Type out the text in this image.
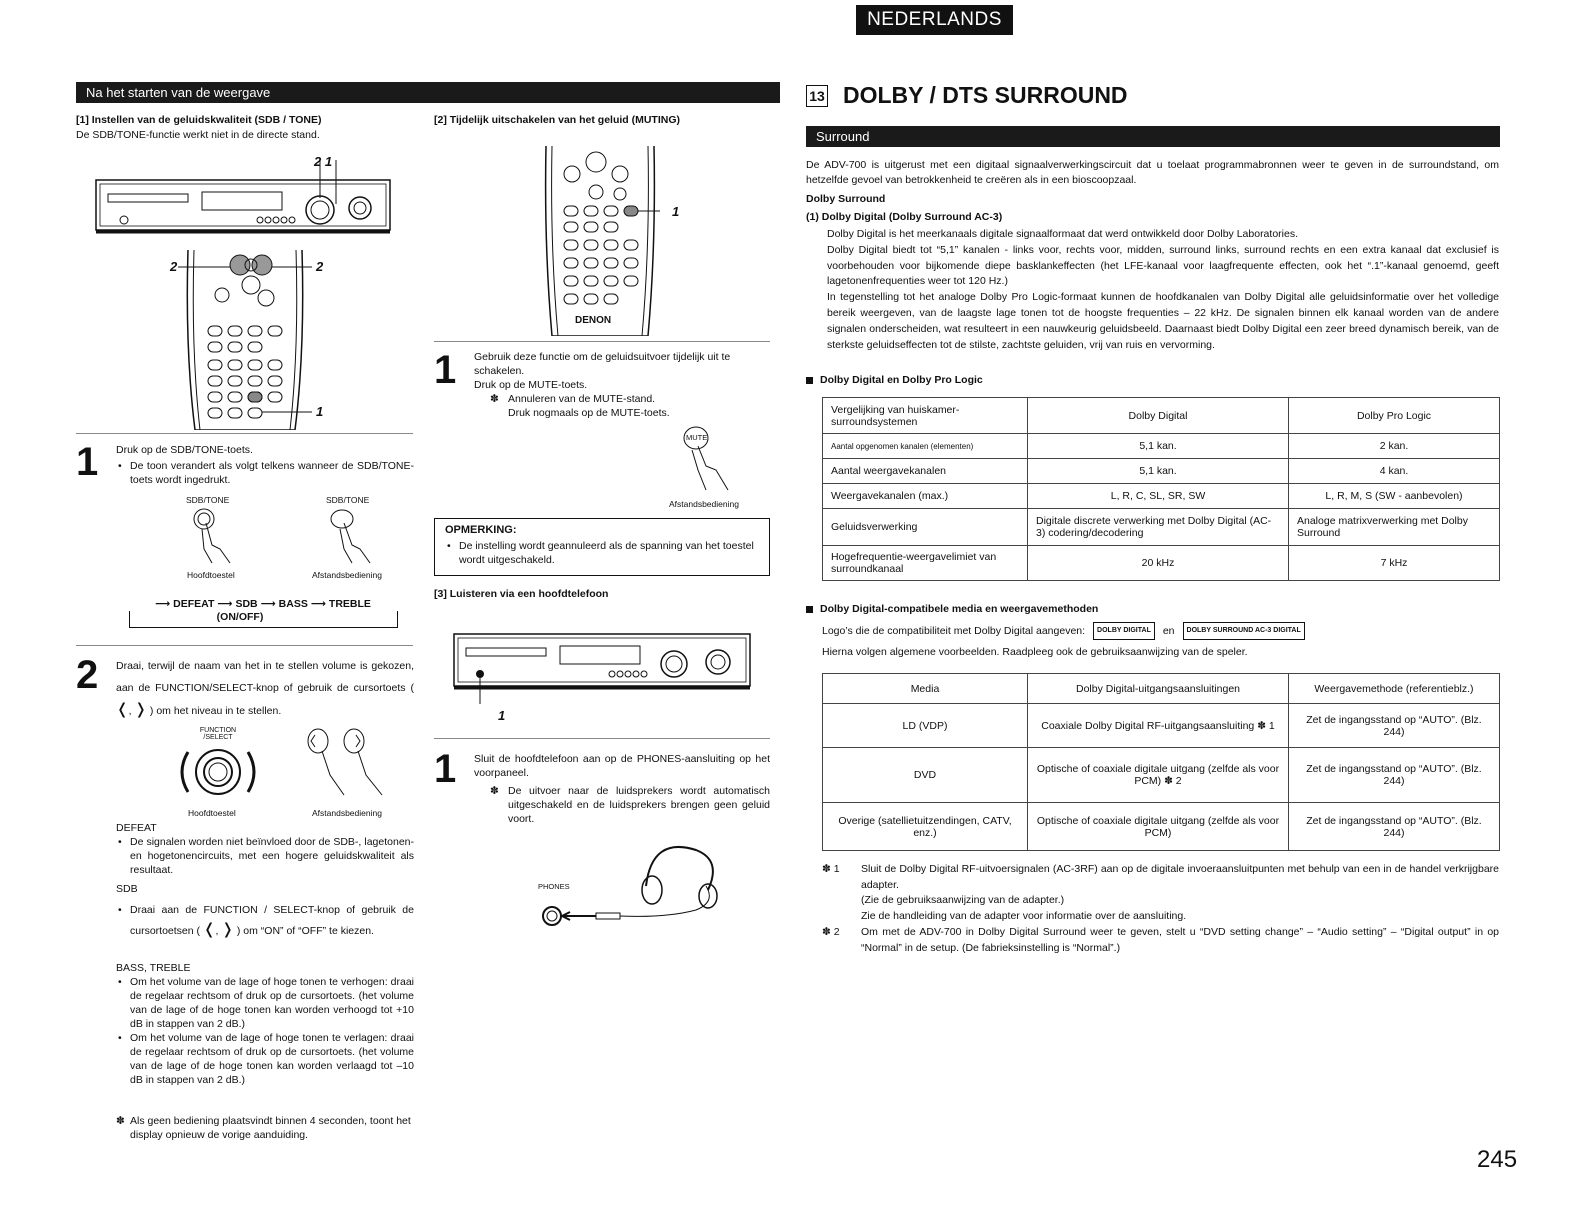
NEDERLANDS
Na het starten van de weergave
[1] Instellen van de geluidskwaliteit (SDB / TONE)
De SDB/TONE-functie werkt niet in de directe stand.
2 1
2	2
1
1 Druk op de SDB/TONE-toets.
• De toon verandert als volgt telkens wanneer de SDB/TONE-toets wordt ingedrukt.
SDB/TONE	SDB/TONE
Hoofdtoestel	Afstandsbediening
⟶ DEFEAT ⟶ SDB ⟶ BASS ⟶ TREBLE
(ON/OFF)
2 Draai, terwijl de naam van het in te stellen volume is gekozen, aan de FUNCTION/SELECT-knop of gebruik de cursortoets ( ❬, ❭ ) om het niveau in te stellen.
FUNCTION /SELECT
Hoofdtoestel	Afstandsbediening
DEFEAT
• De signalen worden niet beïnvloed door de SDB-, lagetonen- en hogetonencircuits, met een hogere geluidskwaliteit als resultaat.
SDB
• Draai aan de FUNCTION / SELECT-knop of gebruik de cursortoetsen ( ❬, ❭ ) om “ON” of “OFF” te kiezen.
BASS, TREBLE
• Om het volume van de lage of hoge tonen te verhogen: draai de regelaar rechtsom of druk op de cursortoets. (het volume van de lage of de hoge tonen kan worden verhoogd tot +10 dB in stappen van 2 dB.)
• Om het volume van de lage of hoge tonen te verlagen: draai de regelaar rechtsom of druk op de cursortoets. (het volume van de lage of de hoge tonen kan worden verlaagd tot –10 dB in stappen van 2 dB.)
✽ Als geen bediening plaatsvindt binnen 4 seconden, toont het display opnieuw de vorige aanduiding.
[2] Tijdelijk uitschakelen van het geluid (MUTING)
DENON
1
1 Gebruik deze functie om de geluidsuitvoer tijdelijk uit te schakelen.
Druk op de MUTE-toets.
✽ Annuleren van de MUTE-stand.
Druk nogmaals op de MUTE-toets.
MUTE
Afstandsbediening
OPMERKING:
• De instelling wordt geannuleerd als de spanning van het toestel wordt uitgeschakeld.
[3] Luisteren via een hoofdtelefoon
1
1 Sluit de hoofdtelefoon aan op de PHONES-aansluiting op het voorpaneel.
✽ De uitvoer naar de luidsprekers wordt automatisch uitgeschakeld en de luidsprekers brengen geen geluid voort.
PHONES
13 DOLBY / DTS SURROUND
Surround
De ADV-700 is uitgerust met een digitaal signaalverwerkingscircuit dat u toelaat programmabronnen weer te geven in de surroundstand, om hetzelfde gevoel van betrokkenheid te creëren als in een bioscoopzaal.
Dolby Surround
(1) Dolby Digital (Dolby Surround AC-3)
Dolby Digital is het meerkanaals digitale signaalformaat dat werd ontwikkeld door Dolby Laboratories.
Dolby Digital biedt tot “5,1” kanalen - links voor, rechts voor, midden, surround links, surround rechts en een extra kanaal dat exclusief is voorbehouden voor bijkomende diepe basklankeffecten (het LFE-kanaal voor laagfrequente effecten, ook het “.1”-kanaal genoemd, geeft lagetonenfrequenties weer tot 120 Hz.)
In tegenstelling tot het analoge Dolby Pro Logic-formaat kunnen de hoofdkanalen van Dolby Digital alle geluidsinformatie over het volledige bereik weergeven, van de laagste lage tonen tot de hoogste frequenties – 22 kHz. De signalen binnen elk kanaal worden van de andere signalen onderscheiden, wat resulteert in een nauwkeurig geluidsbeeld. Daarnaast biedt Dolby Digital een zeer breed dynamisch bereik, van de sterkste geluidseffecten tot de stilste, zachtste geluiden, vrij van ruis en vervorming.
Dolby Digital en Dolby Pro Logic
Vergelijking van huiskamer-surroundsystemen	Dolby Digital	Dolby Pro Logic
Aantal opgenomen kanalen (elementen)	5,1 kan.	2 kan.
Aantal weergavekanalen	5,1 kan.	4 kan.
Weergavekanalen (max.)	L, R, C, SL, SR, SW	L, R, M, S (SW - aanbevolen)
Geluidsverwerking	Digitale discrete verwerking met Dolby Digital (AC-3) codering/decodering	Analoge matrixverwerking met Dolby Surround
Hogefrequentie-weergavelimiet van surroundkanaal	20 kHz	7 kHz
Dolby Digital-compatibele media en weergavemethoden
Logo’s die de compatibiliteit met Dolby Digital aangeven:	DOLBY DIGITAL	en	DOLBY SURROUND AC-3 DIGITAL
Hierna volgen algemene voorbeelden. Raadpleeg ook de gebruiksaanwijzing van de speler.
Media	Dolby Digital-uitgangsaansluitingen	Weergavemethode (referentieblz.)
LD (VDP)	Coaxiale Dolby Digital RF-uitgangsaansluiting ✽ 1	Zet de ingangsstand op “AUTO”. (Blz. 244)
DVD	Optische of coaxiale digitale uitgang (zelfde als voor PCM) ✽ 2	Zet de ingangsstand op “AUTO”. (Blz. 244)
Overige (satellietuitzendingen, CATV, enz.)	Optische of coaxiale digitale uitgang (zelfde als voor PCM)	Zet de ingangsstand op “AUTO”. (Blz. 244)
✽ 1 Sluit de Dolby Digital RF-uitvoersignalen (AC-3RF) aan op de digitale invoeraansluitpunten met behulp van een in de handel verkrijgbare adapter.
(Zie de gebruiksaanwijzing van de adapter.)
Zie de handleiding van de adapter voor informatie over de aansluiting.
✽ 2 Om met de ADV-700 in Dolby Digital Surround weer te geven, stelt u “DVD setting change” – “Audio setting” – “Digital output” in op “Normal” in de setup. (De fabrieksinstelling is “Normal”.)
245
